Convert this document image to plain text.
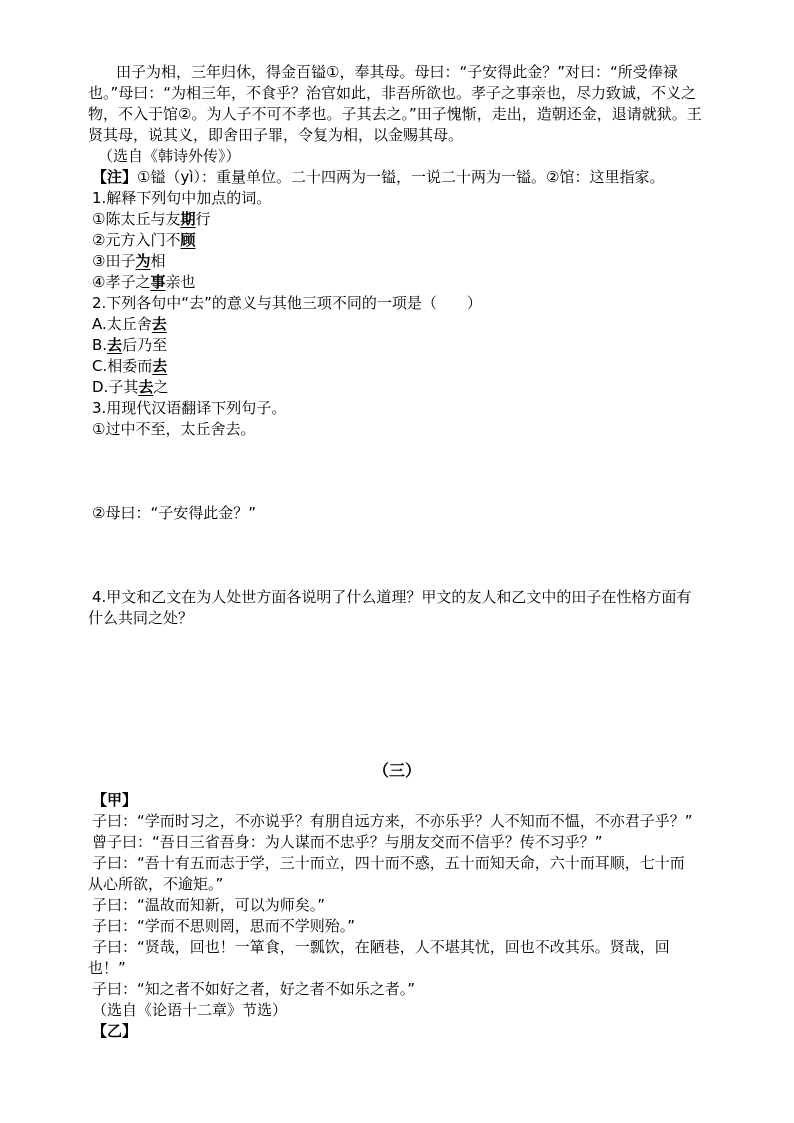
田子为相，三年归休，得金百镒①，奉其母。母曰：“子安得此金？”对曰：“所受俸禄
也。”母曰：“为相三年，不食乎？治官如此，非吾所欲也。孝子之事亲也，尽力致诚，不义之
物，不入于馆②。为人子不可不孝也。子其去之。”田子愧惭，走出，造朝还金，退请就狱。王
贤其母，说其义，即舍田子罪，令复为相，以金赐其母。
（选自《韩诗外传》）
【注】①镒（yì）：重量单位。二十四两为一镒，一说二十两为一镒。②馆：这里指家。
1.解释下列句中加点的词。
①陈太丘与友期行
②元方入门不顾
③田子为相
④孝子之事亲也
2.下列各句中“去”的意义与其他三项不同的一项是（　　）
A.太丘舍去
B.去后乃至
C.相委而去
D.子其去之
3.用现代汉语翻译下列句子。
①过中不至，太丘舍去。
②母曰：“子安得此金？”
4.甲文和乙文在为人处世方面各说明了什么道理？甲文的友人和乙文中的田子在性格方面有
什么共同之处？
（三）
【甲】
子曰：“学而时习之，不亦说乎？有朋自远方来，不亦乐乎？人不知而不愠，不亦君子乎？”
曾子曰：“吾日三省吾身：为人谋而不忠乎？与朋友交而不信乎？传不习乎？”
子曰：“吾十有五而志于学，三十而立，四十而不惑，五十而知天命，六十而耳顺，七十而
从心所欲，不逾矩。”
子曰：“温故而知新，可以为师矣。”
子曰：“学而不思则罔，思而不学则殆。”
子曰：“贤哉，回也！一箪食，一瓢饮，在陋巷，人不堪其忧，回也不改其乐。贤哉，回
也！”
子曰：“知之者不如好之者，好之者不如乐之者。”
（选自《论语十二章》节选）
【乙】
